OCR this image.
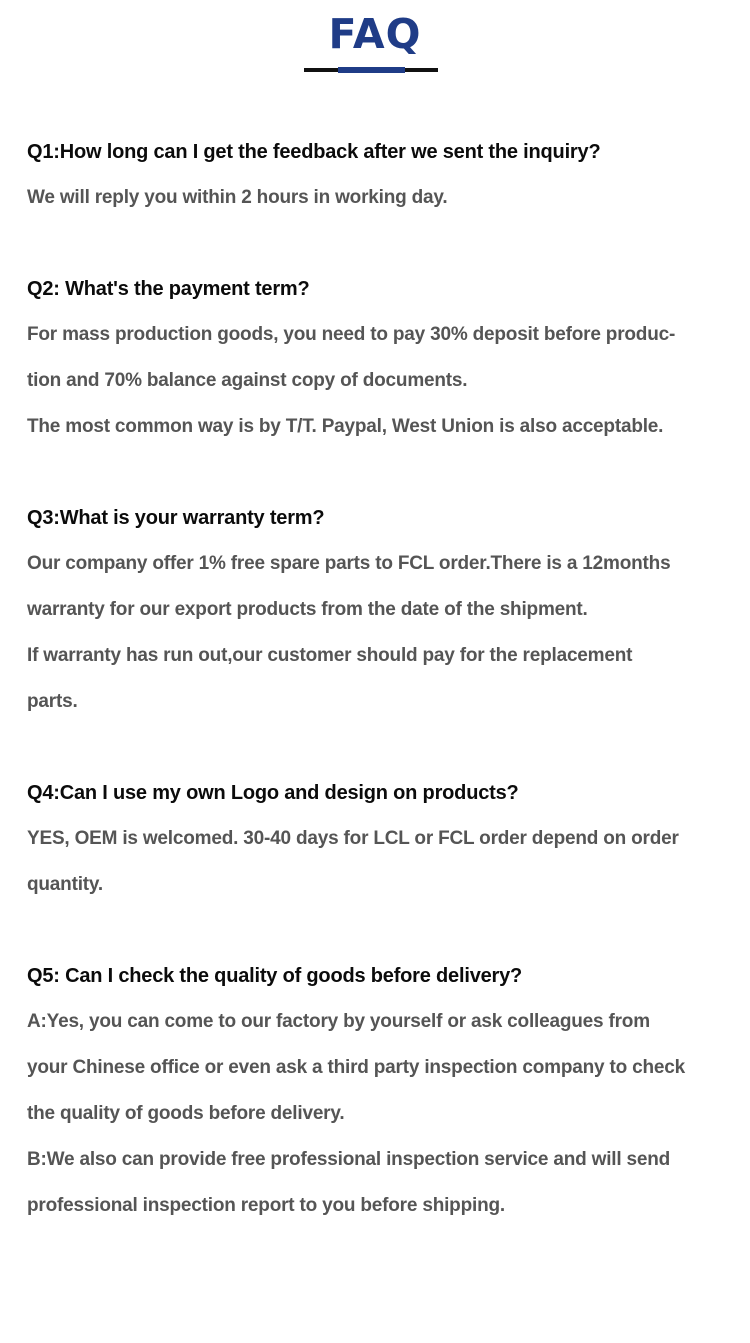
FAQ
Q1:How long can I get the feedback after we sent the inquiry?
We will reply you within 2 hours in working day.
Q2: What's the payment term?
For mass production goods, you need to pay 30% deposit before produc-
tion and 70% balance against copy of documents.
The most common way is by T/T. Paypal, West Union is also acceptable.
Q3:What is your warranty term?
Our company offer 1% free spare parts to FCL order.There is a 12months
warranty for our export products from the date of the shipment.
If warranty has run out,our customer should pay for the replacement
parts.
Q4:Can I use my own Logo and design on products?
YES, OEM is welcomed. 30-40 days for LCL or FCL order depend on order
quantity.
Q5: Can I check the quality of goods before delivery?
A:Yes, you can come to our factory by yourself or ask colleagues from
your Chinese office or even ask a third party inspection company to check
the quality of goods before delivery.
B:We also can provide free professional inspection service and will send
professional inspection report to you before shipping.
